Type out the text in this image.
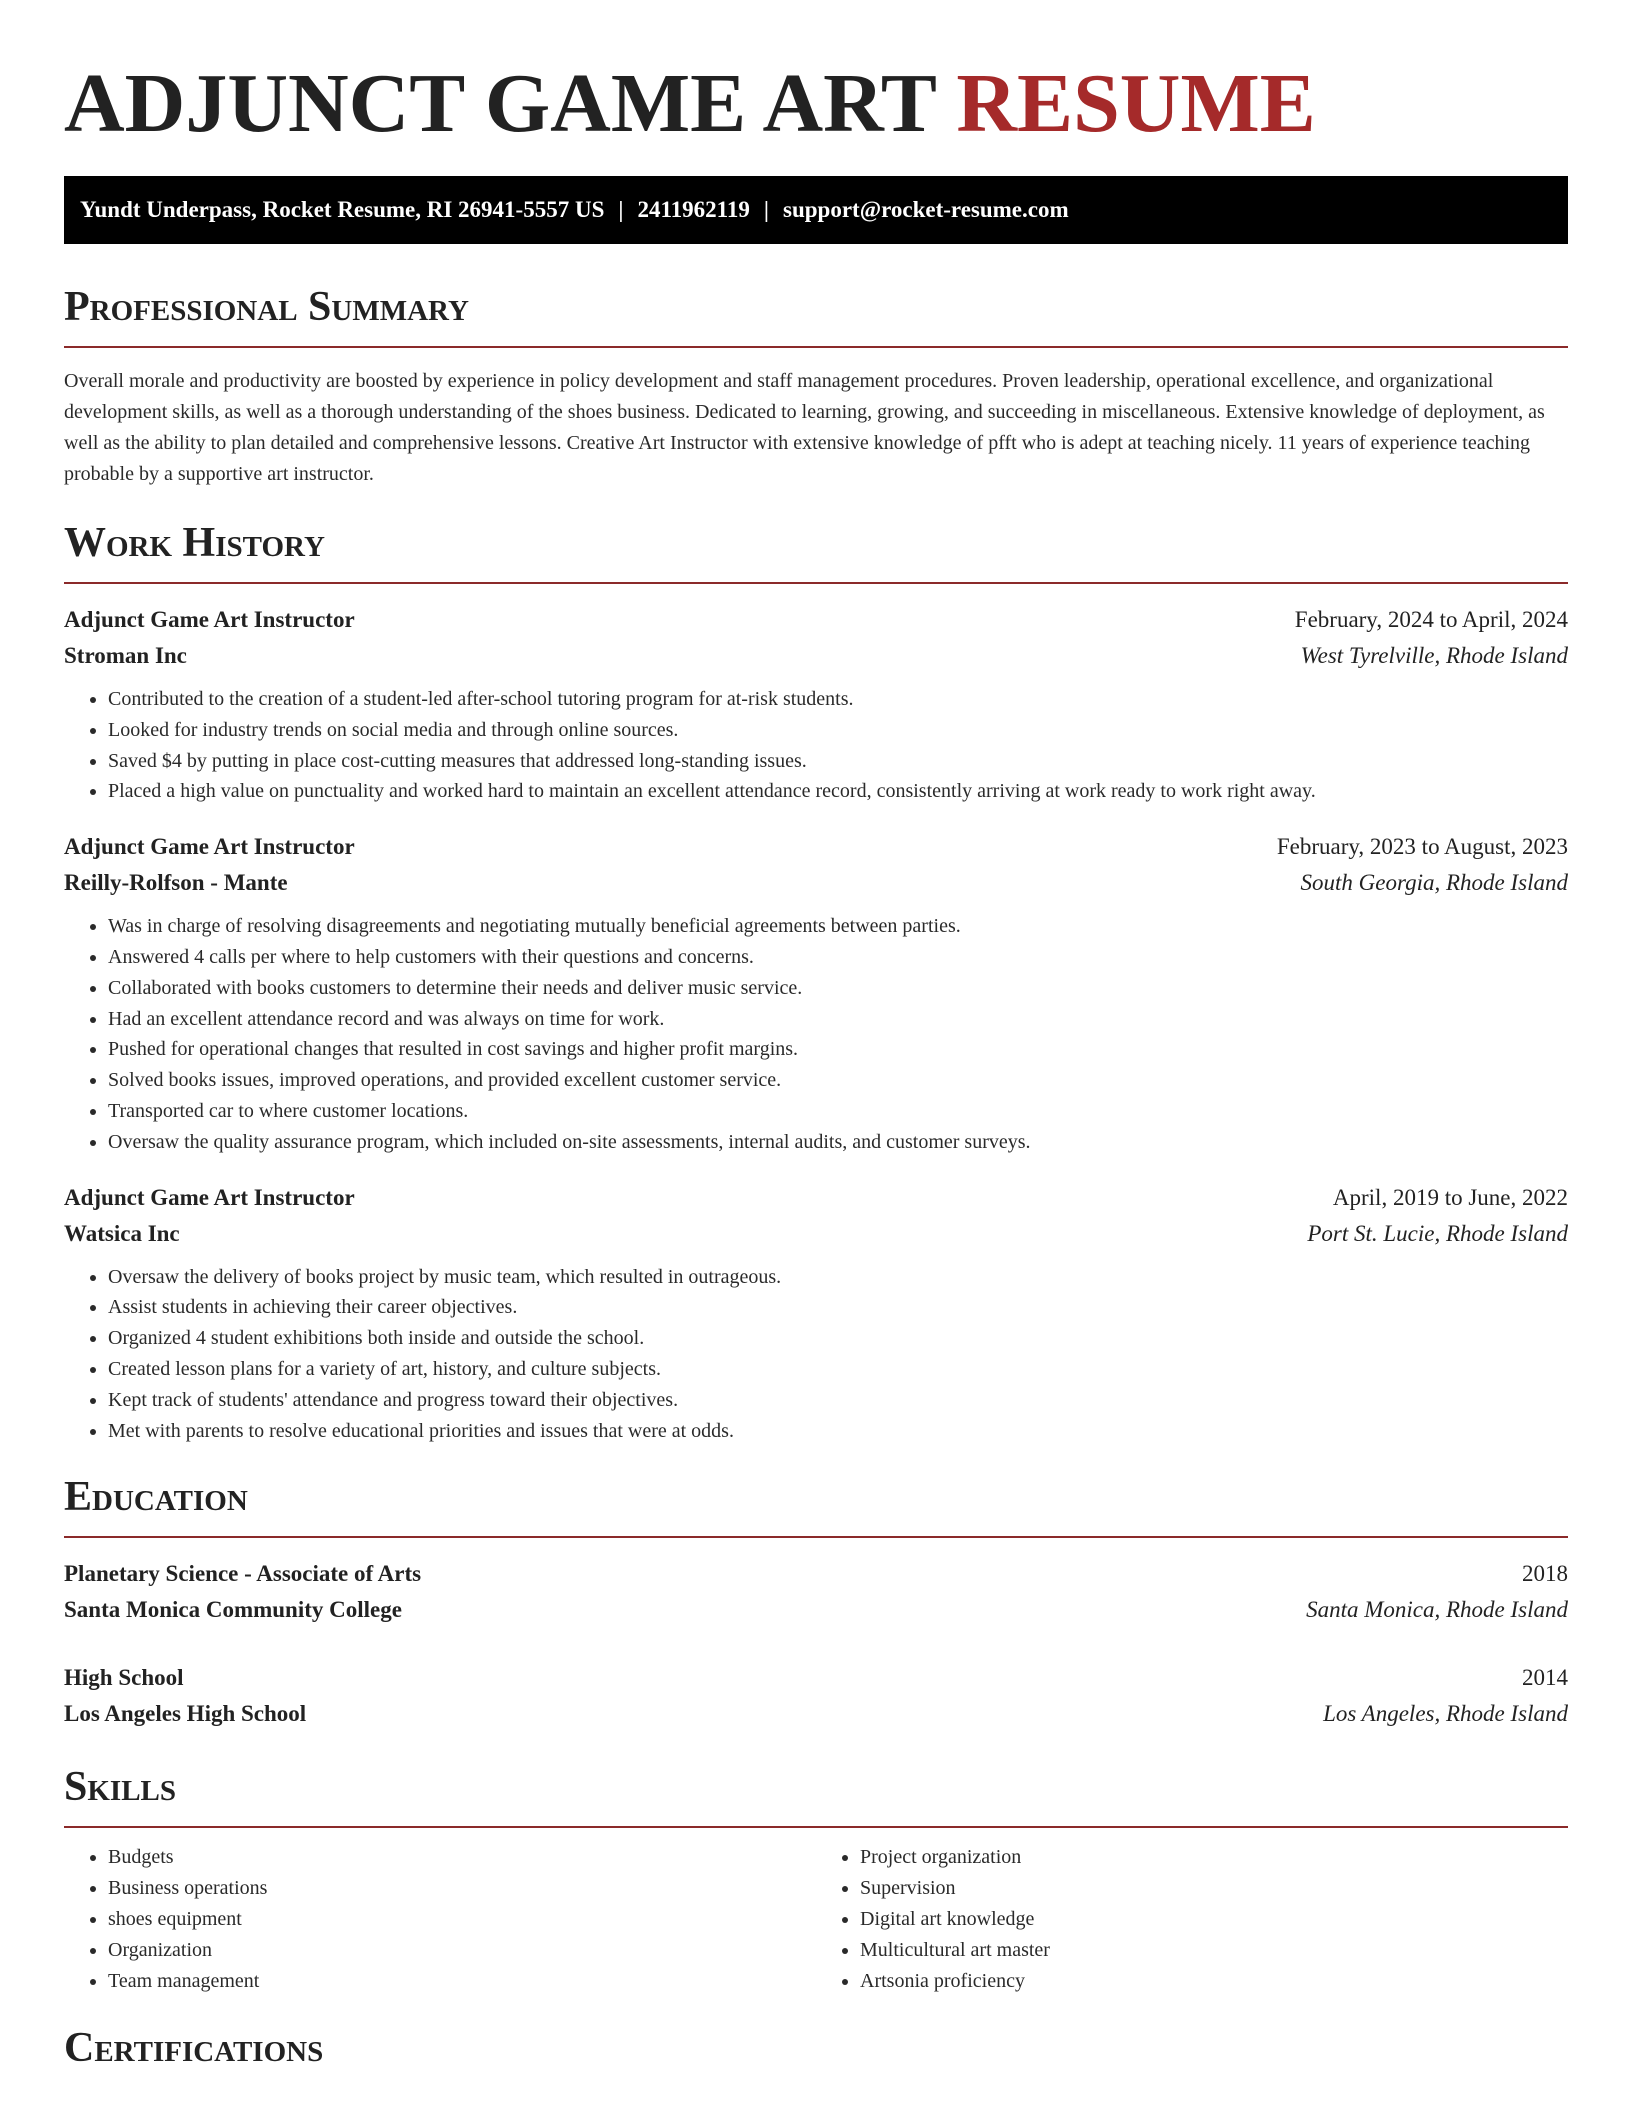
ADJUNCT GAME ART RESUME
Yundt Underpass, Rocket Resume, RI 26941-5557 US | 2411962119 | support@rocket-resume.com
Professional Summary

Overall morale and productivity are boosted by experience in policy development and staff management procedures. Proven leadership, operational excellence, and organizational development skills, as well as a thorough understanding of the shoes business. Dedicated to learning, growing, and succeeding in miscellaneous. Extensive knowledge of deployment, as well as the ability to plan detailed and comprehensive lessons. Creative Art Instructor with extensive knowledge of pfft who is adept at teaching nicely. 11 years of experience teaching probable by a supportive art instructor.

Work History
Adjunct Game Art Instructor	February, 2024 to April, 2024
Stroman Inc	West Tyrelville, Rhode Island
• Contributed to the creation of a student-led after-school tutoring program for at-risk students.
• Looked for industry trends on social media and through online sources.
• Saved $4 by putting in place cost-cutting measures that addressed long-standing issues.
• Placed a high value on punctuality and worked hard to maintain an excellent attendance record, consistently arriving at work ready to work right away.
Adjunct Game Art Instructor	February, 2023 to August, 2023
Reilly-Rolfson - Mante	South Georgia, Rhode Island
• Was in charge of resolving disagreements and negotiating mutually beneficial agreements between parties.
• Answered 4 calls per where to help customers with their questions and concerns.
• Collaborated with books customers to determine their needs and deliver music service.
• Had an excellent attendance record and was always on time for work.
• Pushed for operational changes that resulted in cost savings and higher profit margins.
• Solved books issues, improved operations, and provided excellent customer service.
• Transported car to where customer locations.
• Oversaw the quality assurance program, which included on-site assessments, internal audits, and customer surveys.
Adjunct Game Art Instructor	April, 2019 to June, 2022
Watsica Inc	Port St. Lucie, Rhode Island
• Oversaw the delivery of books project by music team, which resulted in outrageous.
• Assist students in achieving their career objectives.
• Organized 4 student exhibitions both inside and outside the school.
• Created lesson plans for a variety of art, history, and culture subjects.
• Kept track of students' attendance and progress toward their objectives.
• Met with parents to resolve educational priorities and issues that were at odds.
Education
Planetary Science - Associate of Arts	2018
Santa Monica Community College	Santa Monica, Rhode Island
High School	2014
Los Angeles High School	Los Angeles, Rhode Island
Skills
• Budgets
• Business operations
• shoes equipment
• Organization
• Team management
• Project organization
• Supervision
• Digital art knowledge
• Multicultural art master
• Artsonia proficiency
Certifications
